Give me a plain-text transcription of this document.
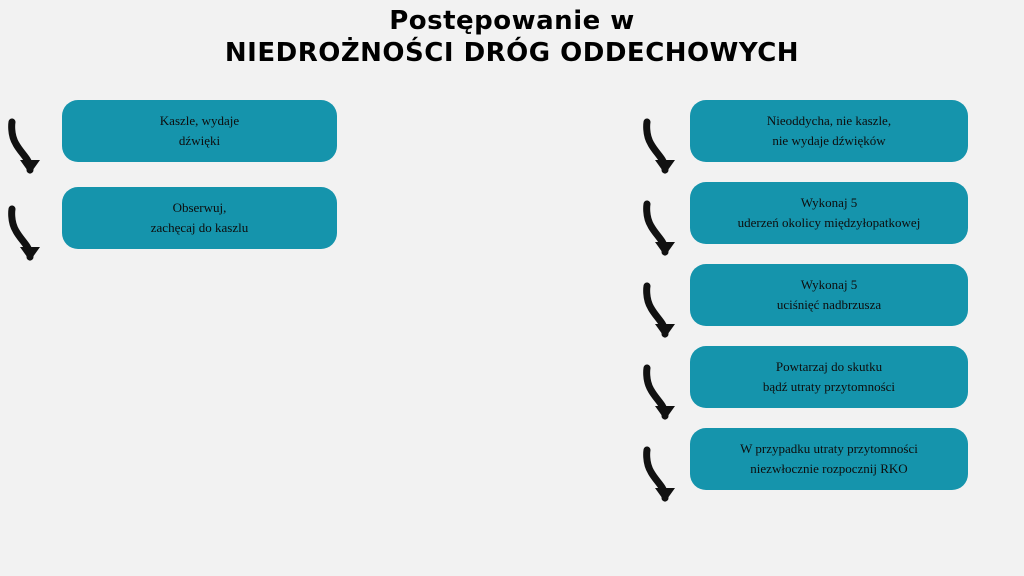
Postępowanie w
NIEDROŻNOŚCI DRÓG ODDECHOWYCH
Kaszle, wydaje
dźwięki
Obserwuj,
zachęcaj do kaszlu
Nieoddycha, nie kaszle,
nie wydaje dźwięków
Wykonaj 5
uderzeń okolicy międzyłopatkowej
Wykonaj 5
uciśnięć nadbrzusza
Powtarzaj do skutku
bądź utraty przytomności
W przypadku utraty przytomności
niezwłocznie rozpocznij RKO
